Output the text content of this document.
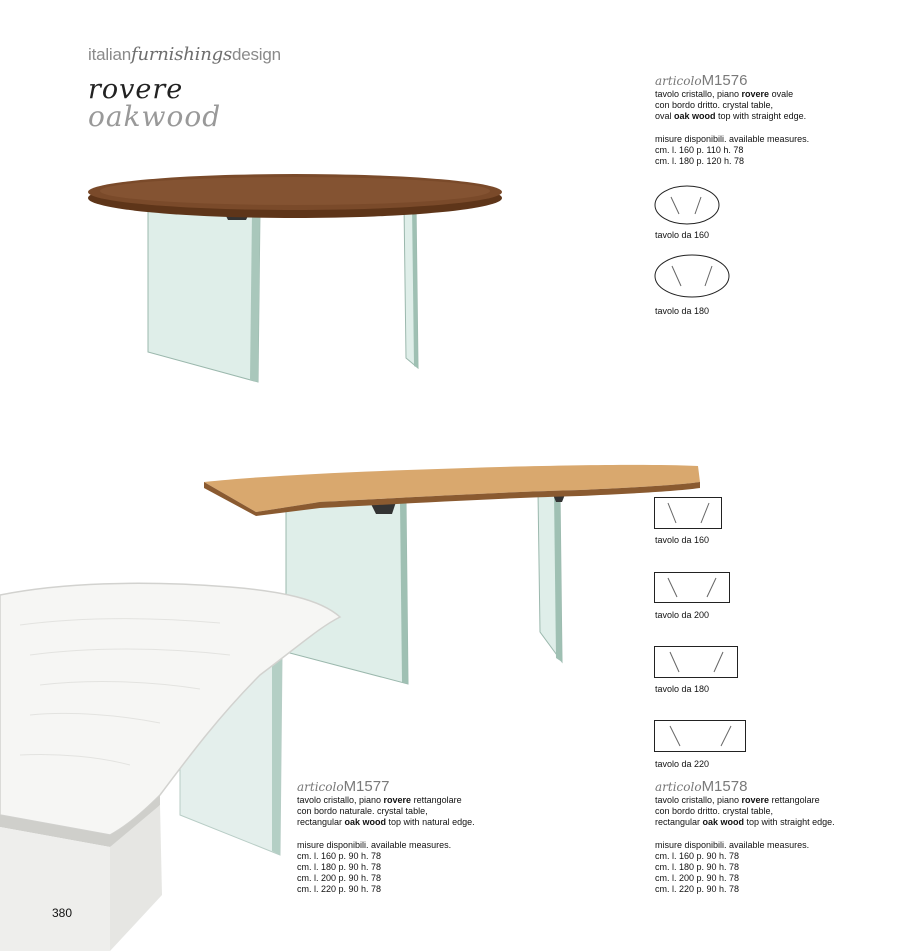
italianfurnishingsdesign
rovere
oakwood
articoloM1576
tavolo cristallo, piano rovere ovale
con bordo dritto. crystal table,
oval oak wood top with straight edge.
misure disponibili. available measures.
cm. l. 160 p. 110 h. 78
cm. l. 180 p. 120 h. 78
tavolo da 160
tavolo da 180
tavolo da 160
tavolo da 200
tavolo da 180
tavolo da 220
articoloM1577
tavolo cristallo, piano rovere rettangolare
con bordo naturale. crystal table,
rectangular oak wood top with natural edge.
misure disponibili. available measures.
cm. l. 160 p. 90 h. 78
cm. l. 180 p. 90 h. 78
cm. l. 200 p. 90 h. 78
cm. l. 220 p. 90 h. 78
articoloM1578
tavolo cristallo, piano rovere rettangolare
con bordo dritto. crystal table,
rectangular oak wood top with straight edge.
misure disponibili. available measures.
cm. l. 160 p. 90 h. 78
cm. l. 180 p. 90 h. 78
cm. l. 200 p. 90 h. 78
cm. l. 220 p. 90 h. 78
380
